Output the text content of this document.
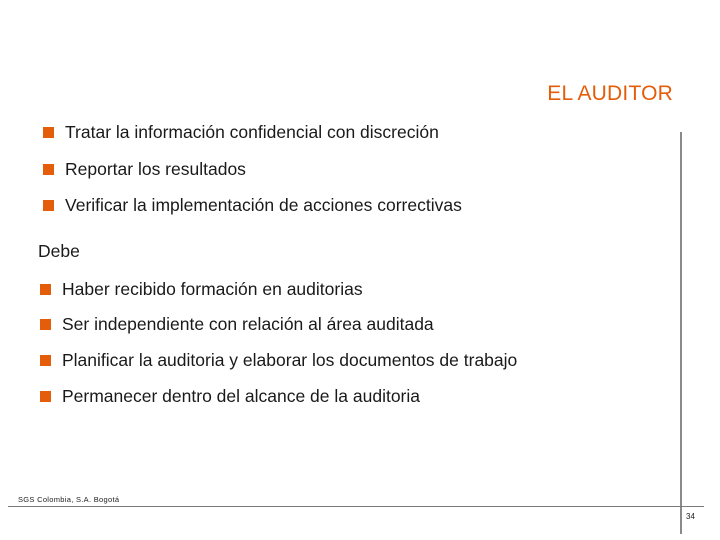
EL AUDITOR
Tratar la información confidencial con discreción
Reportar los resultados
Verificar la implementación de acciones correctivas
Debe
Haber recibido formación en auditorias
Ser independiente con relación al área auditada
Planificar la auditoria y elaborar los documentos de trabajo
Permanecer dentro del alcance de la auditoria
SGS Colombia, S.A. Bogotá
34
